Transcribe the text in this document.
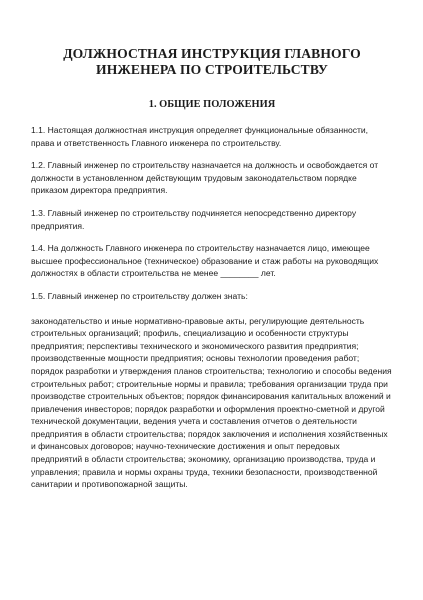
ДОЛЖНОСТНАЯ ИНСТРУКЦИЯ ГЛАВНОГО
ИНЖЕНЕРА ПО СТРОИТЕЛЬСТВУ
1. ОБЩИЕ ПОЛОЖЕНИЯ

1.1. Настоящая должностная инструкция определяет функциональные обязанности, права и ответственность Главного инженера по строительству.

1.2. Главный инженер по строительству назначается на должность и освобождается от должности в установленном действующим трудовым законодательством порядке приказом директора предприятия.

1.3. Главный инженер по строительству подчиняется непосредственно директору предприятия.

1.4. На должность Главного инженера по строительству назначается лицо, имеющее высшее профессиональное (техническое) образование и стаж работы на руководящих должностях в области строительства не менее ________ лет.

1.5. Главный инженер по строительству должен знать:

законодательство и иные нормативно-правовые акты, регулирующие деятельность строительных организаций; профиль, специализацию и особенности структуры предприятия; перспективы технического и экономического развития предприятия; производственные мощности предприятия; основы технологии проведения работ; порядок разработки и утверждения планов строительства; технологию и способы ведения строительных работ; строительные нормы и правила; требования организации труда при производстве строительных объектов; порядок финансирования капитальных вложений и привлечения инвесторов; порядок разработки и оформления проектно-сметной и другой технической документации, ведения учета и составления отчетов о деятельности предприятия в области строительства; порядок заключения и исполнения хозяйственных и финансовых договоров; научно-технические достижения и опыт передовых предприятий в области строительства; экономику, организацию производства, труда и управления; правила и нормы охраны труда, техники безопасности, производственной санитарии и противопожарной защиты.
